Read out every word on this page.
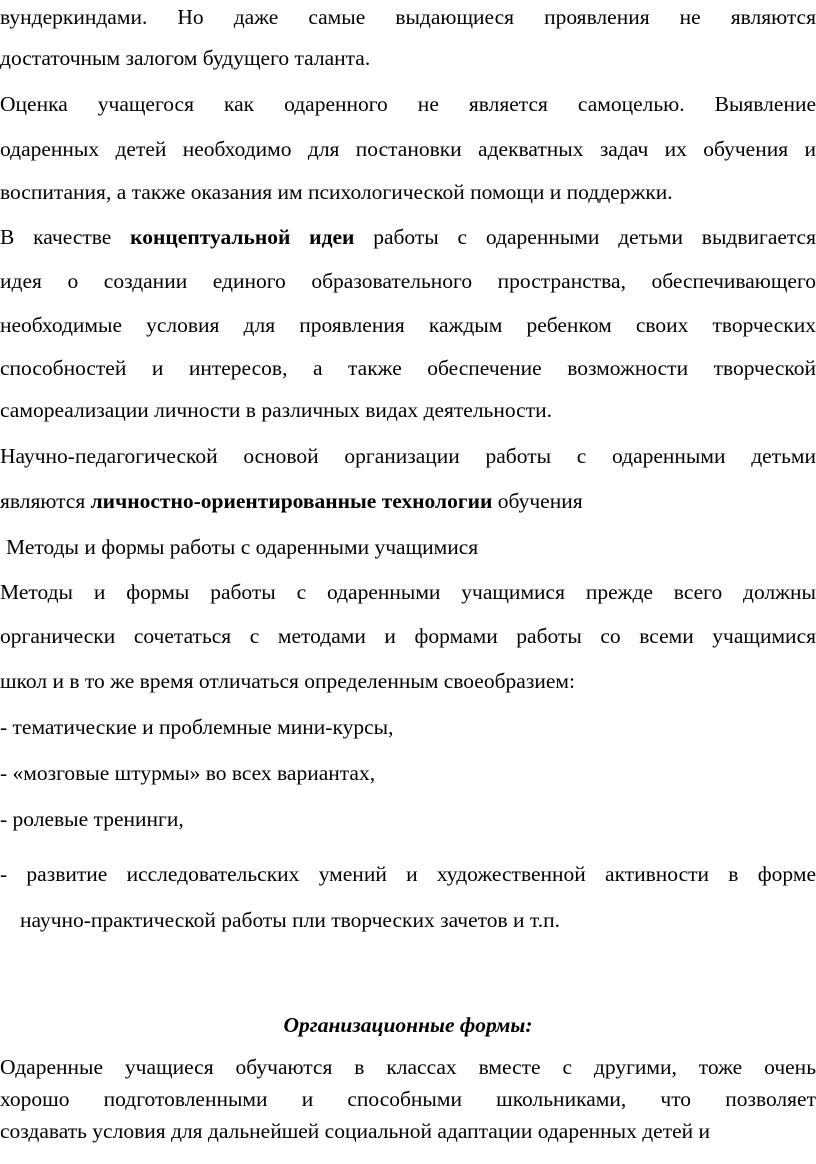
вундеркиндами. Но даже самые выдающиеся проявления не являются
достаточным залогом будущего таланта.
Оценка учащегося как одаренного не является самоцелью. Выявление
одаренных детей необходимо для постановки адекватных задач их обучения и
воспитания, а также оказания им психологической помощи и поддержки.
В качестве концептуальной идеи работы с одаренными детьми выдвигается
идея о создании единого образовательного пространства, обеспечивающего
необходимые условия для проявления каждым ребенком своих творческих
способностей и интересов, а также обеспечение возможности творческой
самореализации личности в различных видах деятельности.
Научно-педагогической основой организации работы с одаренными детьми
являются личностно-ориентированные технологии обучения
Методы и формы работы с одаренными учащимися
Методы и формы работы с одаренными учащимися прежде всего должны
органически сочетаться с методами и формами работы со всеми учащимися
школ и в то же время отличаться определенным своеобразием:
- тематические и проблемные мини-курсы,
- «мозговые штурмы» во всех вариантах,
- ролевые тренинги,
- развитие исследовательских умений и художественной активности в форме
научно-практической работы пли творческих зачетов и т.п.
Организационные формы:
Одаренные учащиеся обучаются в классах вместе с другими, тоже очень
хорошо подготовленными и способными школьниками, что позволяет
создавать условия для дальнейшей социальной адаптации одаренных детей и
